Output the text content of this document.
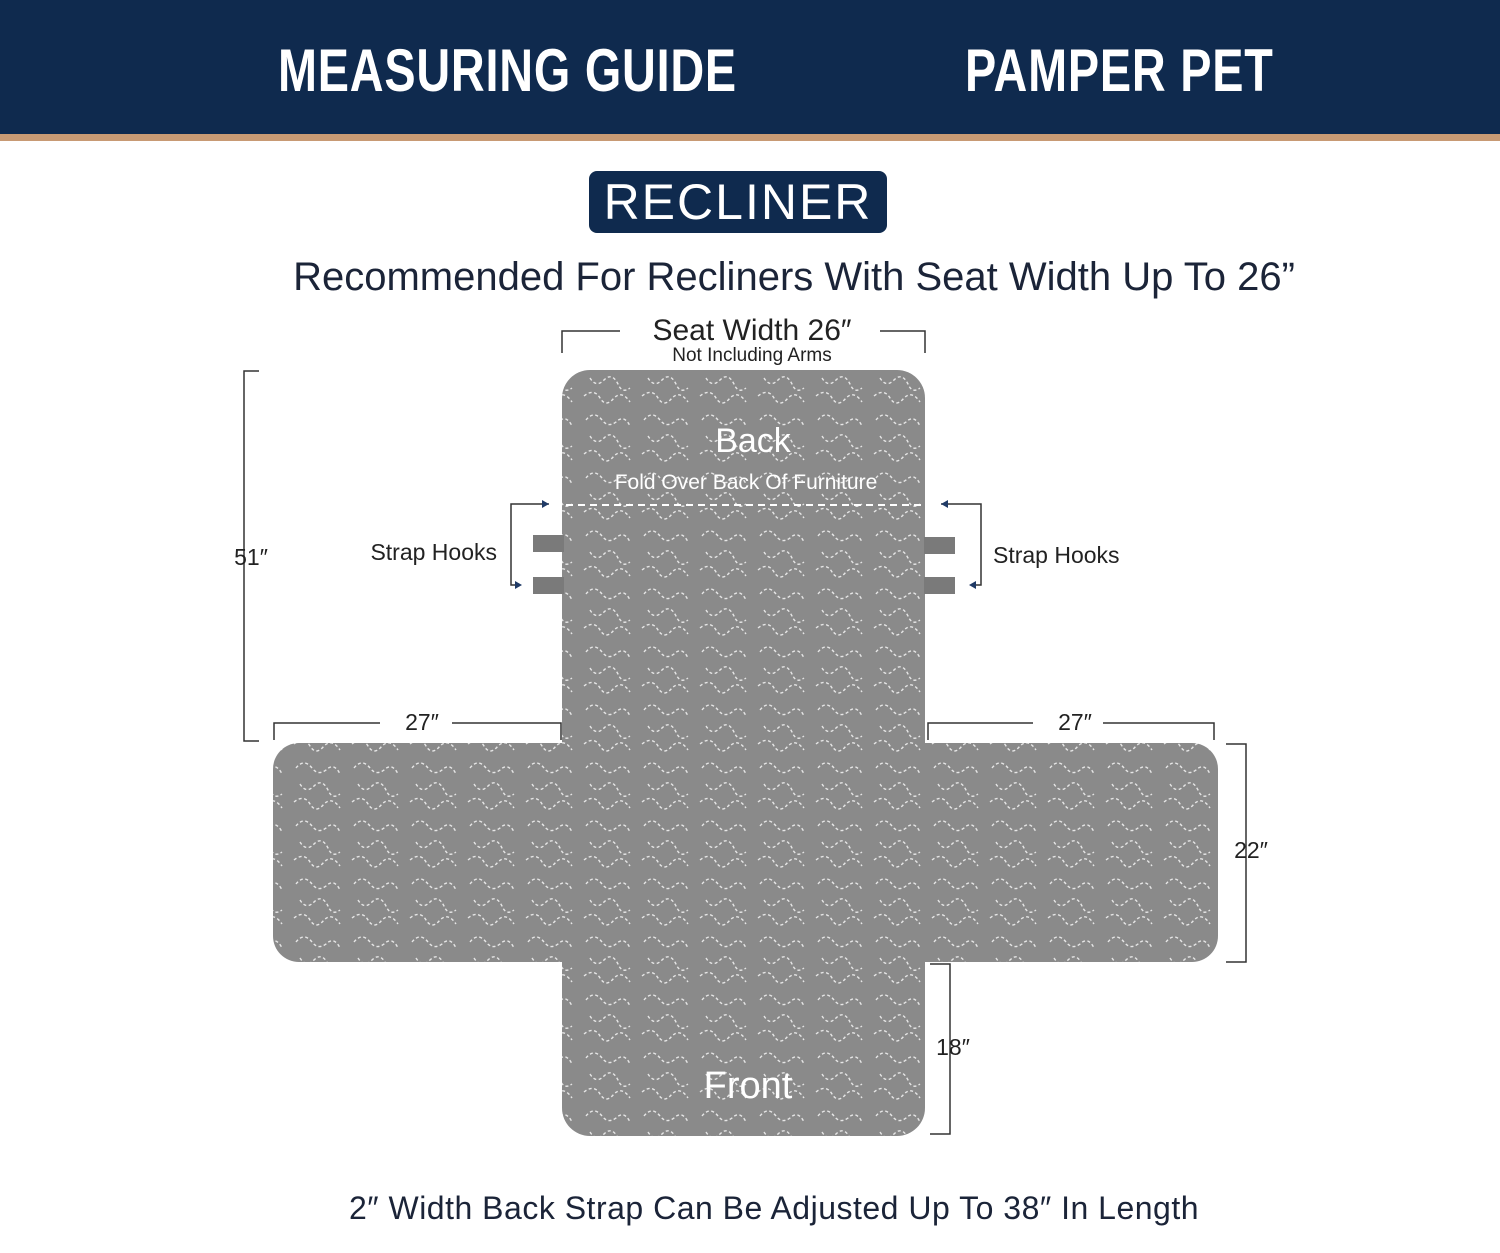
MEASURING GUIDE	PAMPER PET
RECLINER
Recommended For Recliners With Seat Width Up To 26”
Seat Width 26″
Not Including Arms
Back
Fold Over Back Of Furniture
Front
Strap Hooks	Strap Hooks
51″
27″	27″
22″
18″
2″ Width Back Strap Can Be Adjusted Up To 38″ In Length
